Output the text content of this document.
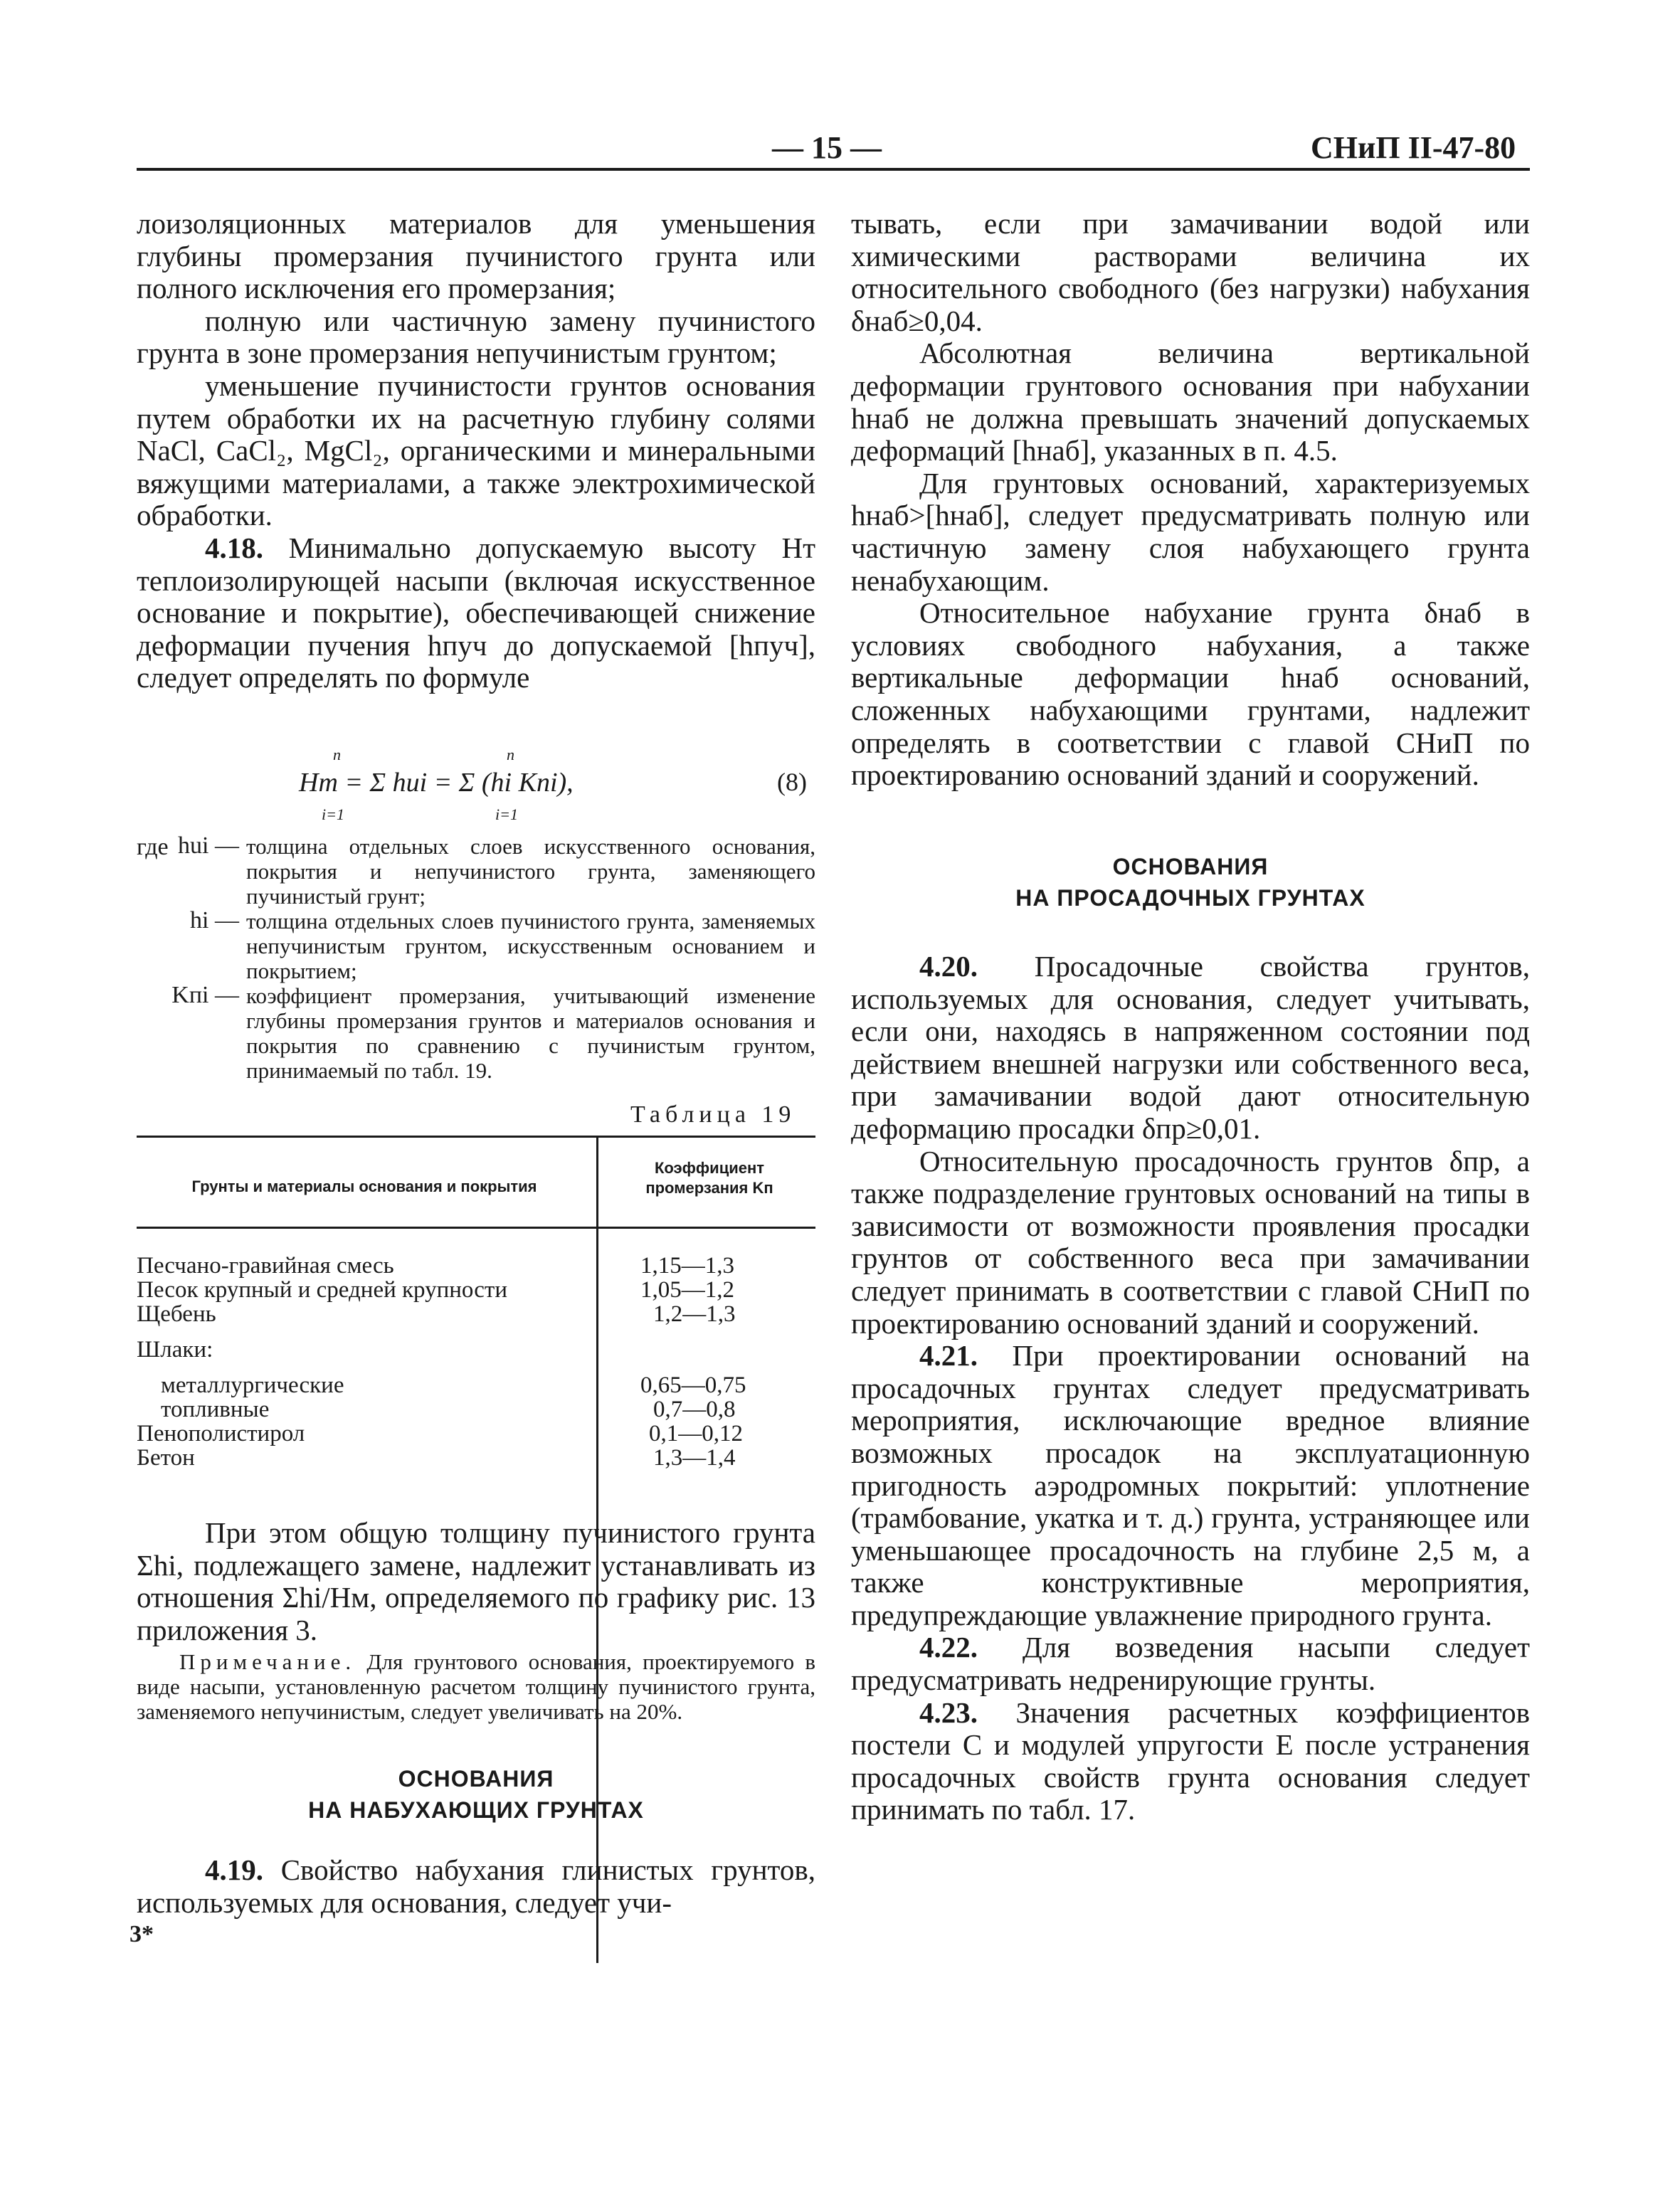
— 15 —	СНиП II-47-80

лоизоляционных материалов для уменьшения глубины промерзания пучинистого грунта или полного исключения его промерзания;

полную или частичную замену пучинистого грунта в зоне промерзания непучинистым грунтом;

уменьшение пучинистости грунтов основания путем обработки их на расчетную глубину солями NaCl, CaCl₂, MgCl₂, органическими и минеральными вяжущими материалами, а также электрохимической обработки.

4.18. Минимально допускаемую высоту Hт теплоизолирующей насыпи (включая искусственное основание и покрытие), обеспечивающей снижение деформации пучения hпуч до допускаемой [hпуч], следует определять по формуле

n	n
Hт = Σ hui = Σ (hi Kпi),
i=1	i=1
(8)
где hui — толщина отдельных слоев искусственного основания, покрытия и непучинистого грунта, заменяющего пучинистый грунт;
hi — толщина отдельных слоев пучинистого грунта, заменяемых непучинистым грунтом, искусственным основанием и покрытием;
Kпi — коэффициент промерзания, учитывающий изменение глубины промерзания грунтов и материалов основания и покрытия по сравнению с пучинистым грунтом, принимаемый по табл. 19.
Таблица 19
Грунты и материалы основания и покрытия
Коэффициент промерзания Kп
Песчано-гравийная смесь	1,15—1,3
Песок крупный и средней крупности	1,05—1,2
Щебень	1,2—1,3
Шлаки:
металлургические	0,65—0,75
топливные	0,7—0,8
Пенополистирол	0,1—0,12
Бетон	1,3—1,4

При этом общую толщину пучинистого грунта Σhi, подлежащего замене, надлежит устанавливать из отношения Σhi/Hм, определяемого по графику рис. 13 приложения 3.

Примечание. Для грунтового основания, проектируемого в виде насыпи, установленную расчетом толщину пучинистого грунта, заменяемого непучинистым, следует увеличивать на 20%.
ОСНОВАНИЯ
НА НАБУХАЮЩИХ ГРУНТАХ

4.19. Свойство набухания глинистых грунтов, используемых для основания, следует учи-

3*

тывать, если при замачивании водой или химическими растворами величина их относительного свободного (без нагрузки) набухания δнаб≥0,04.

Абсолютная величина вертикальной деформации грунтового основания при набухании hнаб не должна превышать значений допускаемых деформаций [hнаб], указанных в п. 4.5.

Для грунтовых оснований, характеризуемых hнаб>[hнаб], следует предусматривать полную или частичную замену слоя набухающего грунта ненабухающим.

Относительное набухание грунта δнаб в условиях свободного набухания, а также вертикальные деформации hнаб оснований, сложенных набухающими грунтами, надлежит определять в соответствии с главой СНиП по проектированию оснований зданий и сооружений.

ОСНОВАНИЯ
НА ПРОСАДОЧНЫХ ГРУНТАХ

4.20. Просадочные свойства грунтов, используемых для основания, следует учитывать, если они, находясь в напряженном состоянии под действием внешней нагрузки или собственного веса, при замачивании водой дают относительную деформацию просадки δпр≥0,01.

Относительную просадочность грунтов δпр, а также подразделение грунтовых оснований на типы в зависимости от возможности проявления просадки грунтов от собственного веса при замачивании следует принимать в соответствии с главой СНиП по проектированию оснований зданий и сооружений.

4.21. При проектировании оснований на просадочных грунтах следует предусматривать мероприятия, исключающие вредное влияние возможных просадок на эксплуатационную пригодность аэродромных покрытий: уплотнение (трамбование, укатка и т. д.) грунта, устраняющее или уменьшающее просадочность на глубине 2,5 м, а также конструктивные мероприятия, предупреждающие увлажнение природного грунта.

4.22. Для возведения насыпи следует предусматривать недренирующие грунты.

4.23. Значения расчетных коэффициентов постели C и модулей упругости E после устранения просадочных свойств грунта основания следует принимать по табл. 17.
